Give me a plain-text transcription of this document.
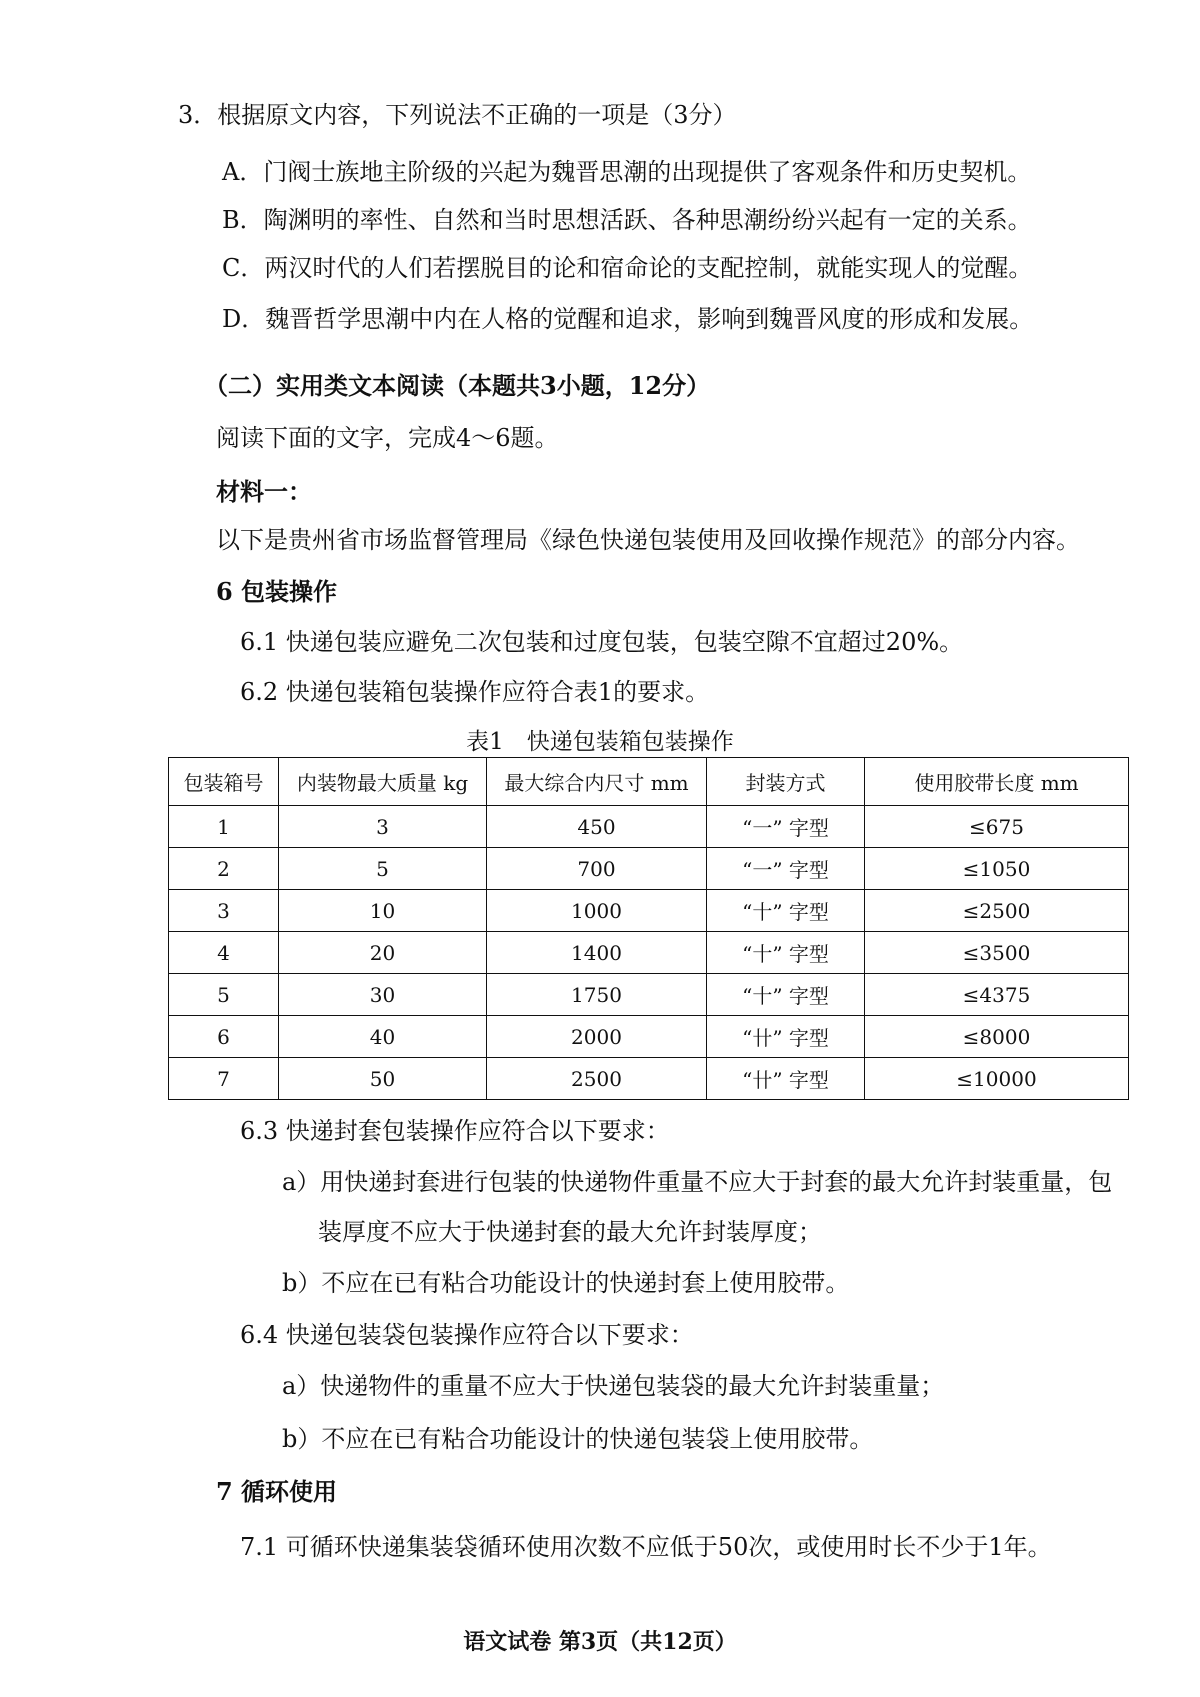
3．根据原文内容，下列说法不正确的一项是（3分）

A．门阀士族地主阶级的兴起为魏晋思潮的出现提供了客观条件和历史契机。

B．陶渊明的率性、自然和当时思想活跃、各种思潮纷纷兴起有一定的关系。

C．两汉时代的人们若摆脱目的论和宿命论的支配控制，就能实现人的觉醒。

D．魏晋哲学思潮中内在人格的觉醒和追求，影响到魏晋风度的形成和发展。

（二）实用类文本阅读（本题共3小题，12分）

阅读下面的文字，完成4～6题。

材料一：

以下是贵州省市场监督管理局《绿色快递包装使用及回收操作规范》的部分内容。

6 包装操作

6.1 快递包装应避免二次包装和过度包装，包装空隙不宜超过20%。

6.2 快递包装箱包装操作应符合表1的要求。

表1　快递包装箱包装操作

包装箱号	内装物最大质量 kg	最大综合内尺寸 mm	封装方式	使用胶带长度 mm
1	3	450	“一” 字型	≤675
2	5	700	“一” 字型	≤1050
3	10	1000	“十” 字型	≤2500
4	20	1400	“十” 字型	≤3500
5	30	1750	“十” 字型	≤4375
6	40	2000	“卄” 字型	≤8000
7	50	2500	“卄” 字型	≤10000

6.3 快递封套包装操作应符合以下要求：

a）用快递封套进行包装的快递物件重量不应大于封套的最大允许封装重量，包

装厚度不应大于快递封套的最大允许封装厚度；

b）不应在已有粘合功能设计的快递封套上使用胶带。

6.4 快递包装袋包装操作应符合以下要求：

a）快递物件的重量不应大于快递包装袋的最大允许封装重量；

b）不应在已有粘合功能设计的快递包装袋上使用胶带。

7 循环使用

7.1 可循环快递集装袋循环使用次数不应低于50次，或使用时长不少于1年。

语文试卷 第3页（共12页）
